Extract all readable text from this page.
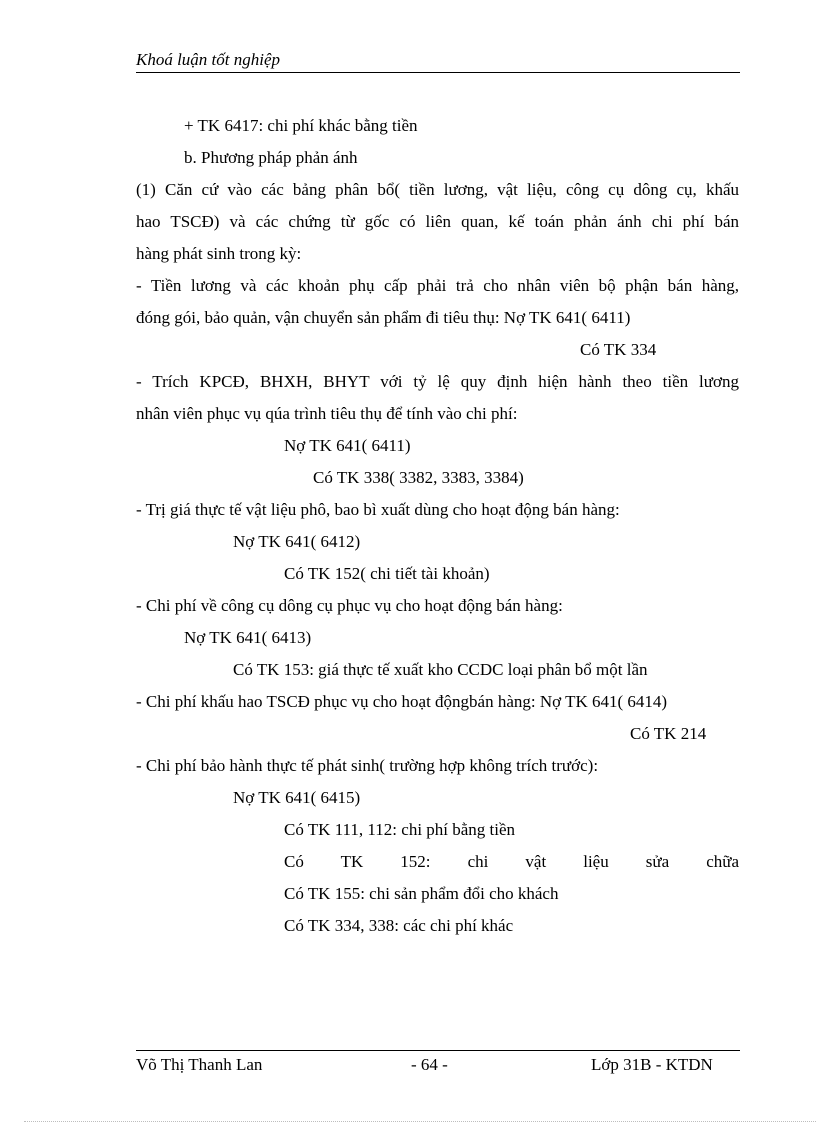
Khoá luận tốt nghiệp
+ TK 6417: chi phí khác bằng tiền
b. Phương pháp phản ánh
(1) Căn cứ vào các bảng phân bổ( tiền lương, vật liệu, công cụ dông cụ, khấu
hao TSCĐ) và các chứng từ gốc có liên quan, kế toán phản ánh chi phí bán
hàng phát sinh trong kỳ:
- Tiền lương và các khoản phụ cấp phải trả cho nhân viên bộ phận bán hàng,
đóng gói, bảo quản, vận chuyển sản phẩm đi tiêu thụ: Nợ TK 641( 6411)
Có TK 334
- Trích KPCĐ, BHXH, BHYT với tỷ lệ quy định hiện hành theo tiền lương
nhân viên phục vụ qúa trình tiêu thụ để tính vào chi phí:
Nợ TK 641( 6411)
Có TK 338( 3382, 3383, 3384)
- Trị giá thực tế vật liệu phô, bao bì xuất dùng cho hoạt động bán hàng:
Nợ TK 641( 6412)
Có TK 152( chi tiết tài khoản)
- Chi phí về công cụ dông cụ phục vụ cho hoạt động bán hàng:
Nợ TK 641( 6413)
Có TK 153: giá thực tế xuất kho CCDC loại phân bổ một lần
- Chi phí khấu hao TSCĐ phục vụ cho hoạt độngbán hàng: Nợ TK 641( 6414)
Có TK 214
- Chi phí bảo hành thực tế phát sinh( trường hợp không trích trước):
Nợ TK 641( 6415)
Có TK 111, 112: chi phí bằng tiền
Có TK 152: chi vật liệu sửa chữa
Có TK 155: chi sản phẩm đổi cho khách
Có TK 334, 338: các chi phí khác
Võ Thị Thanh Lan	- 64 -	Lớp 31B - KTDN
